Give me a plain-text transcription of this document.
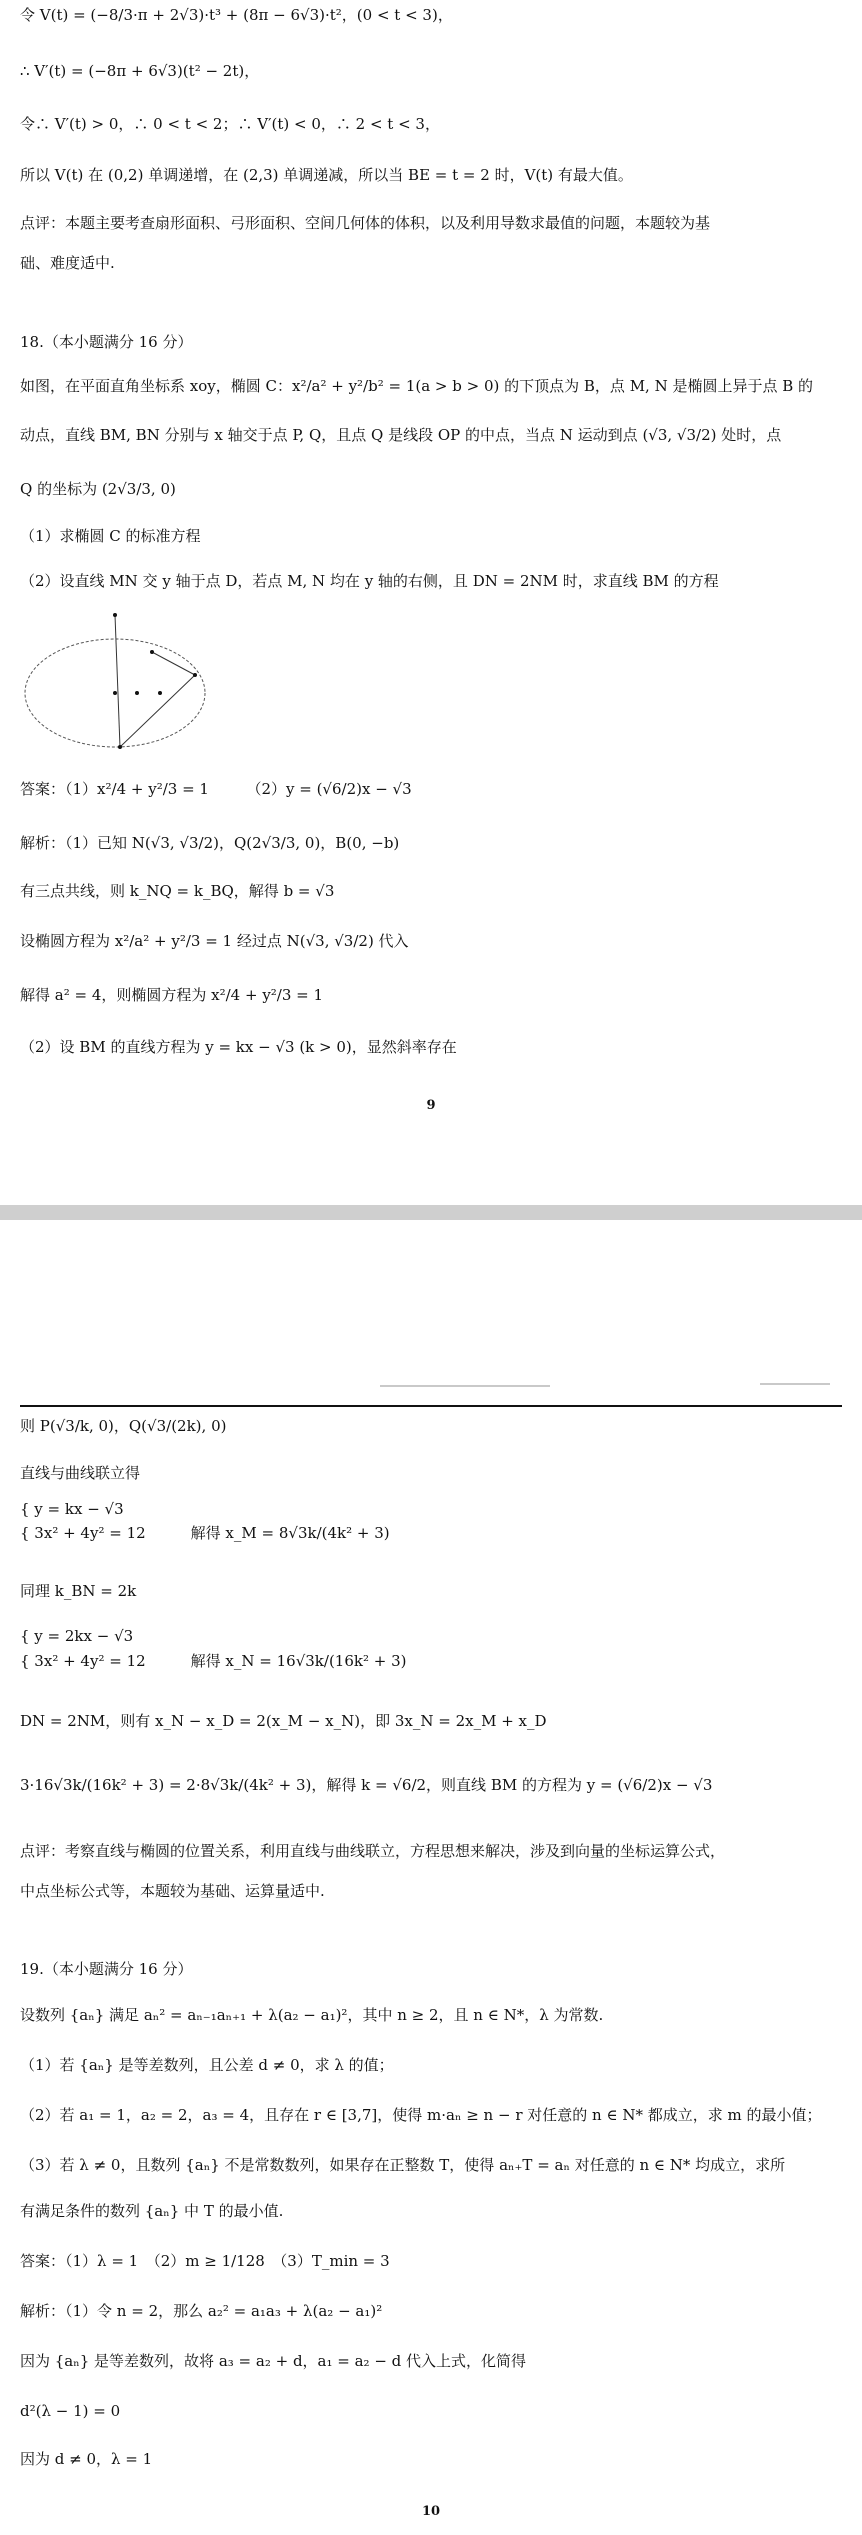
令 V(t) = (−8/3·π + 2√3)·t³ + (8π − 6√3)·t²，(0 < t < 3)，
∴ V′(t) = (−8π + 6√3)(t² − 2t)，
令∴ V′(t) > 0，∴ 0 < t < 2；∴ V′(t) < 0，∴ 2 < t < 3，
所以 V(t) 在 (0,2) 单调递增，在 (2,3) 单调递减，所以当 BE = t = 2 时，V(t) 有最大值。
点评：本题主要考查扇形面积、弓形面积、空间几何体的体积，以及利用导数求最值的问题，本题较为基
础、难度适中.
18.（本小题满分 16 分）
如图，在平面直角坐标系 xoy，椭圆 C：x²/a² + y²/b² = 1(a > b > 0) 的下顶点为 B，点 M, N 是椭圆上异于点 B 的
动点，直线 BM, BN 分别与 x 轴交于点 P, Q，且点 Q 是线段 OP 的中点，当点 N 运动到点 (√3, √3/2) 处时，点
Q 的坐标为 (2√3/3, 0)
（1）求椭圆 C 的标准方程
（2）设直线 MN 交 y 轴于点 D，若点 M, N 均在 y 轴的右侧，且 DN = 2NM 时，求直线 BM 的方程
答案：（1）x²/4 + y²/3 = 1　　　（2）y = (√6/2)x − √3
解析：（1）已知 N(√3, √3/2)，Q(2√3/3, 0)，B(0, −b)
有三点共线，则 k_NQ = k_BQ，解得 b = √3
设椭圆方程为 x²/a² + y²/3 = 1 经过点 N(√3, √3/2) 代入
解得 a² = 4，则椭圆方程为 x²/4 + y²/3 = 1
（2）设 BM 的直线方程为 y = kx − √3 (k > 0)，显然斜率存在
9
则 P(√3/k, 0)，Q(√3/(2k), 0)
直线与曲线联立得
{ y = kx − √3
{ 3x² + 4y² = 12　　　解得 x_M = 8√3k/(4k² + 3)
同理 k_BN = 2k
{ y = 2kx − √3
{ 3x² + 4y² = 12　　　解得 x_N = 16√3k/(16k² + 3)
DN = 2NM，则有 x_N − x_D = 2(x_M − x_N)，即 3x_N = 2x_M + x_D
3·16√3k/(16k² + 3) = 2·8√3k/(4k² + 3)，解得 k = √6/2，则直线 BM 的方程为 y = (√6/2)x − √3
点评：考察直线与椭圆的位置关系，利用直线与曲线联立，方程思想来解决，涉及到向量的坐标运算公式，
中点坐标公式等，本题较为基础、运算量适中.
19.（本小题满分 16 分）
设数列 {aₙ} 满足 aₙ² = aₙ₋₁aₙ₊₁ + λ(a₂ − a₁)²，其中 n ≥ 2，且 n ∈ N*，λ 为常数.
（1）若 {aₙ} 是等差数列，且公差 d ≠ 0，求 λ 的值；
（2）若 a₁ = 1，a₂ = 2，a₃ = 4，且存在 r ∈ [3,7]，使得 m·aₙ ≥ n − r 对任意的 n ∈ N* 都成立，求 m 的最小值；
（3）若 λ ≠ 0，且数列 {aₙ} 不是常数数列，如果存在正整数 T，使得 aₙ₊T = aₙ 对任意的 n ∈ N* 均成立，求所
有满足条件的数列 {aₙ} 中 T 的最小值.
答案：（1）λ = 1　（2）m ≥ 1/128　（3）T_min = 3
解析：（1）令 n = 2，那么 a₂² = a₁a₃ + λ(a₂ − a₁)²
因为 {aₙ} 是等差数列，故将 a₃ = a₂ + d，a₁ = a₂ − d 代入上式，化简得
d²(λ − 1) = 0
因为 d ≠ 0，λ = 1
10
